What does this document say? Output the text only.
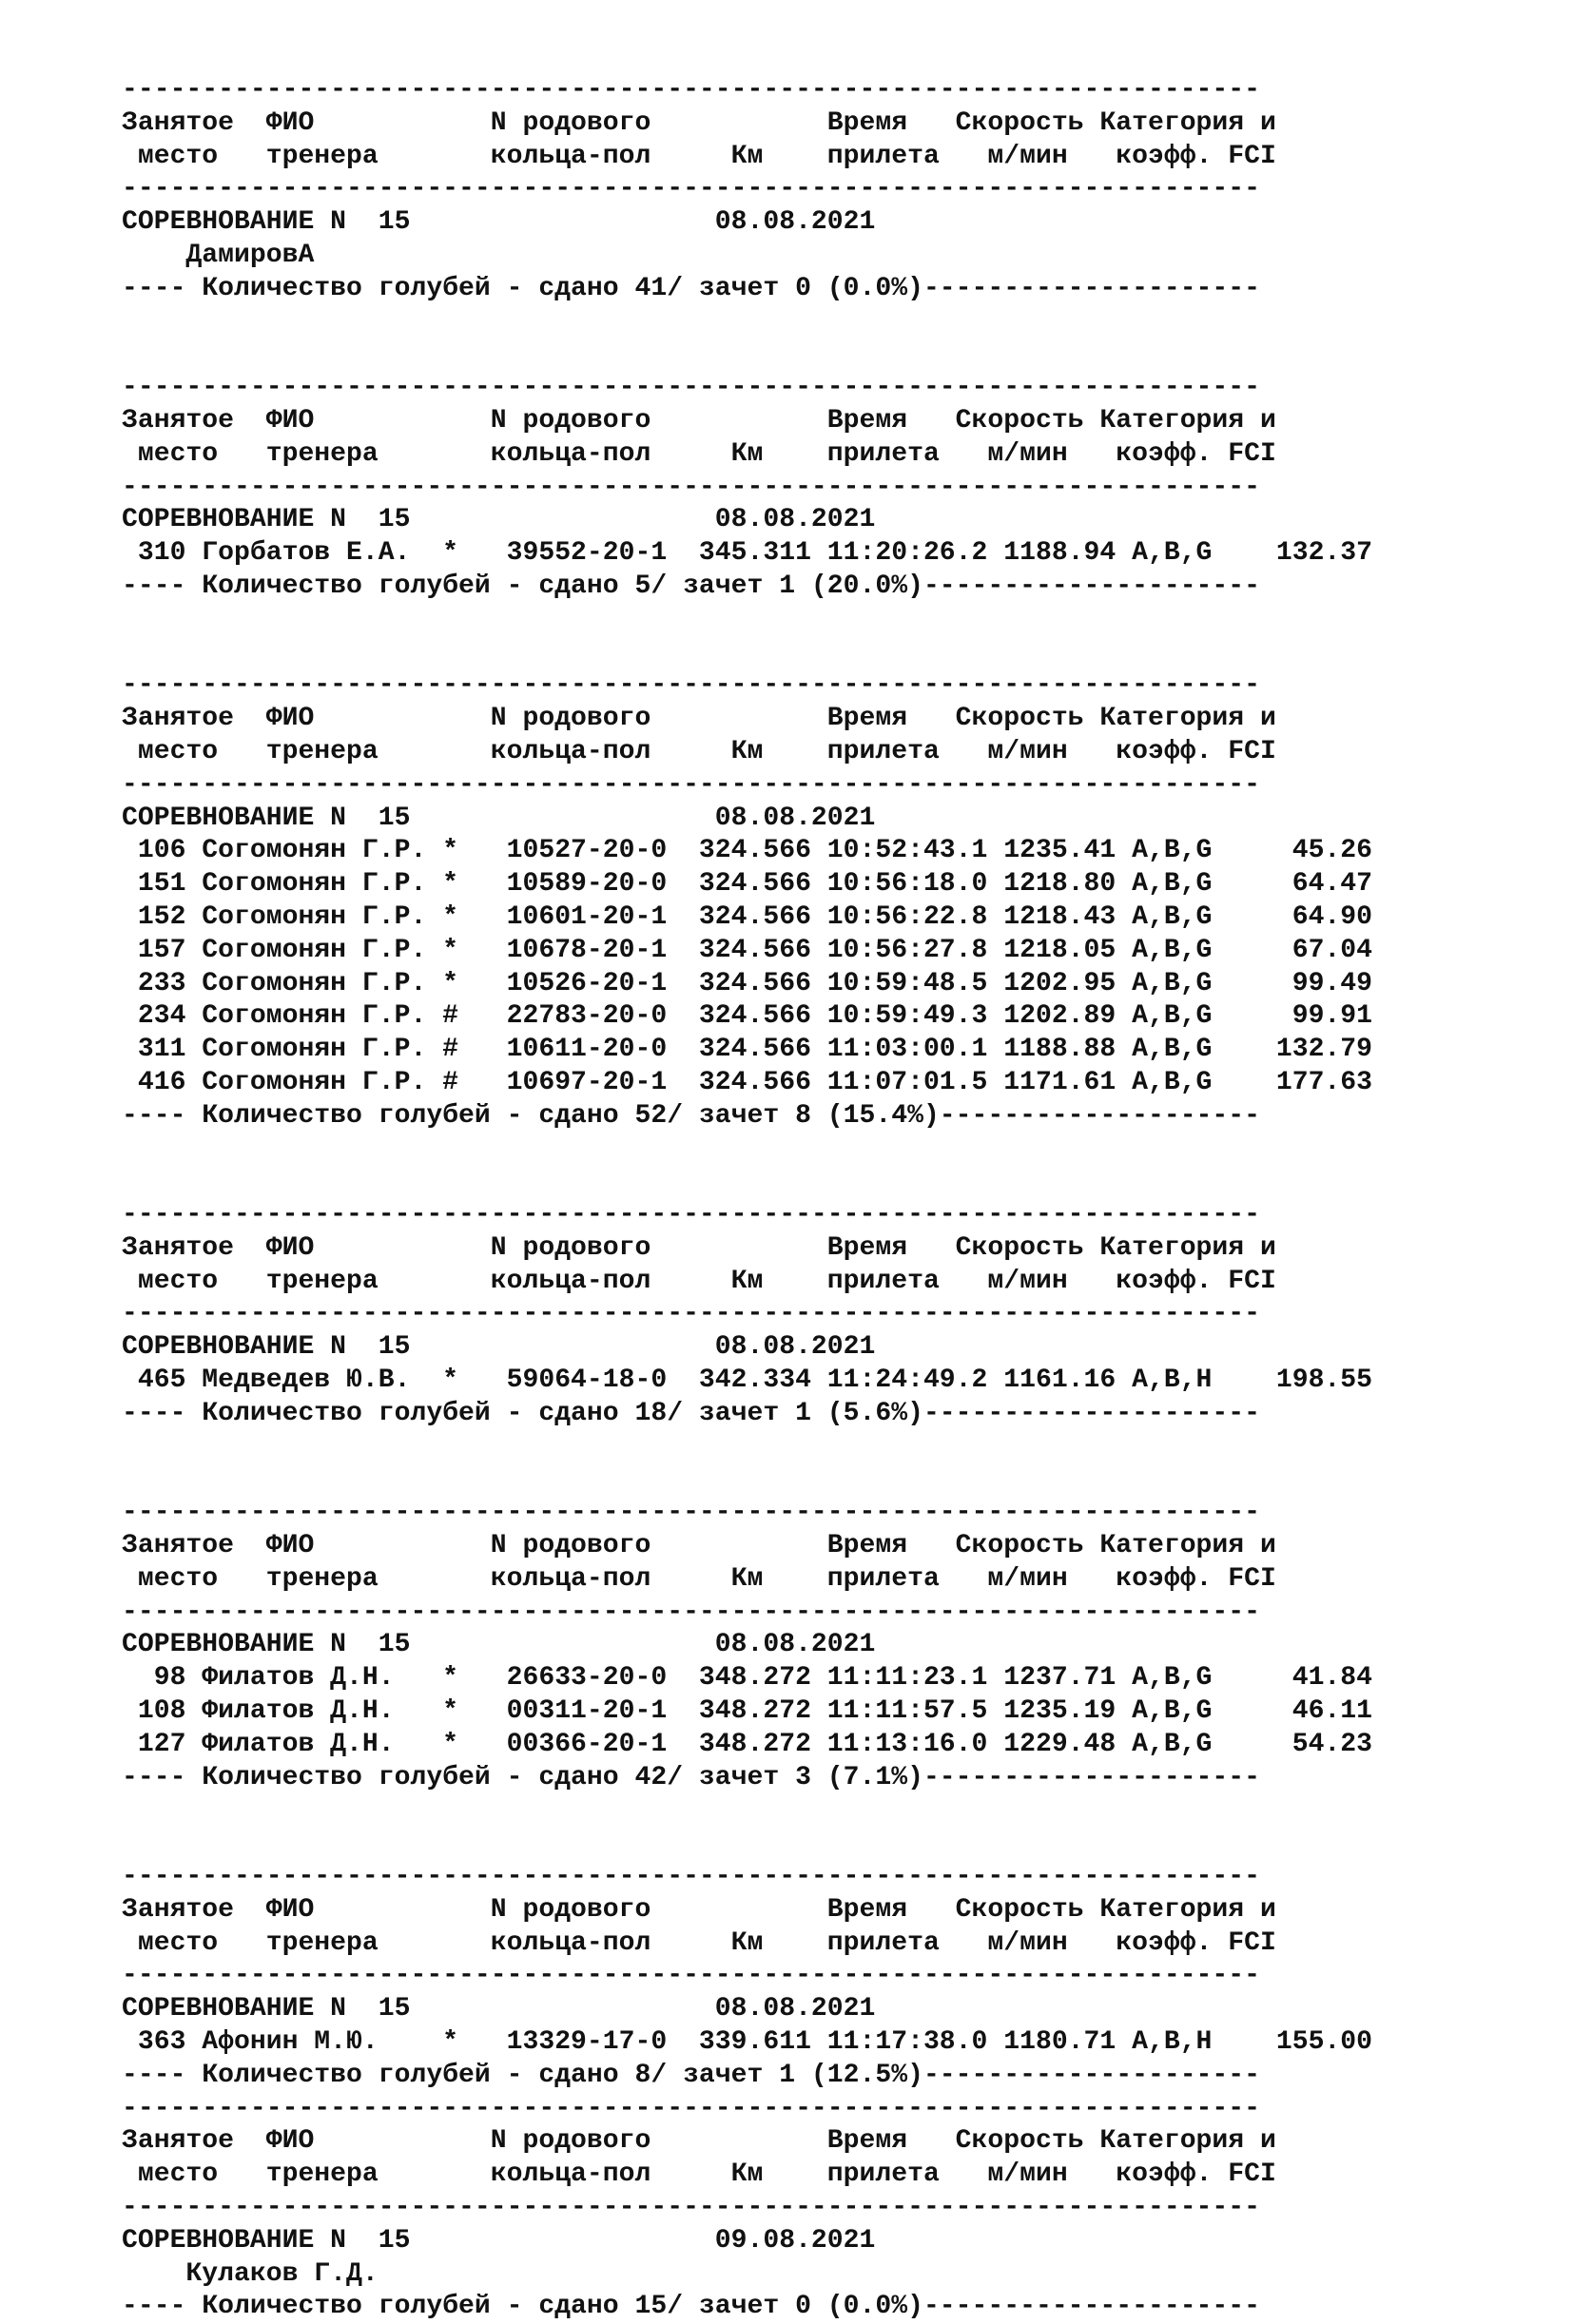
-----------------------------------------------------------------------
Занятое  ФИО           N родового           Время   Скорость Категория и
место   тренера       кольца-пол     Км    прилета   м/мин   коэфф. FCI
-----------------------------------------------------------------------
СОРЕВНОВАНИЕ N  15                   08.08.2021
ДамировА
---- Количество голубей - сдано 41/ зачет 0 (0.0%)---------------------

-----------------------------------------------------------------------
Занятое  ФИО           N родового           Время   Скорость Категория и
место   тренера       кольца-пол     Км    прилета   м/мин   коэфф. FCI
-----------------------------------------------------------------------
СОРЕВНОВАНИЕ N  15                   08.08.2021
310 Горбатов Е.А.  *   39552-20-1  345.311 11:20:26.2 1188.94 A,B,G    132.37
---- Количество голубей - сдано 5/ зачет 1 (20.0%)---------------------

-----------------------------------------------------------------------
Занятое  ФИО           N родового           Время   Скорость Категория и
место   тренера       кольца-пол     Км    прилета   м/мин   коэфф. FCI
-----------------------------------------------------------------------
СОРЕВНОВАНИЕ N  15                   08.08.2021
106 Согомонян Г.Р. *   10527-20-0  324.566 10:52:43.1 1235.41 A,B,G     45.26
151 Согомонян Г.Р. *   10589-20-0  324.566 10:56:18.0 1218.80 A,B,G     64.47
152 Согомонян Г.Р. *   10601-20-1  324.566 10:56:22.8 1218.43 A,B,G     64.90
157 Согомонян Г.Р. *   10678-20-1  324.566 10:56:27.8 1218.05 A,B,G     67.04
233 Согомонян Г.Р. *   10526-20-1  324.566 10:59:48.5 1202.95 A,B,G     99.49
234 Согомонян Г.Р. #   22783-20-0  324.566 10:59:49.3 1202.89 A,B,G     99.91
311 Согомонян Г.Р. #   10611-20-0  324.566 11:03:00.1 1188.88 A,B,G    132.79
416 Согомонян Г.Р. #   10697-20-1  324.566 11:07:01.5 1171.61 A,B,G    177.63
---- Количество голубей - сдано 52/ зачет 8 (15.4%)--------------------

-----------------------------------------------------------------------
Занятое  ФИО           N родового           Время   Скорость Категория и
место   тренера       кольца-пол     Км    прилета   м/мин   коэфф. FCI
-----------------------------------------------------------------------
СОРЕВНОВАНИЕ N  15                   08.08.2021
465 Медведев Ю.В.  *   59064-18-0  342.334 11:24:49.2 1161.16 A,B,H    198.55
---- Количество голубей - сдано 18/ зачет 1 (5.6%)---------------------

-----------------------------------------------------------------------
Занятое  ФИО           N родового           Время   Скорость Категория и
место   тренера       кольца-пол     Км    прилета   м/мин   коэфф. FCI
-----------------------------------------------------------------------
СОРЕВНОВАНИЕ N  15                   08.08.2021
98 Филатов Д.Н.   *   26633-20-0  348.272 11:11:23.1 1237.71 A,B,G     41.84
108 Филатов Д.Н.   *   00311-20-1  348.272 11:11:57.5 1235.19 A,B,G     46.11
127 Филатов Д.Н.   *   00366-20-1  348.272 11:13:16.0 1229.48 A,B,G     54.23
---- Количество голубей - сдано 42/ зачет 3 (7.1%)---------------------

-----------------------------------------------------------------------
Занятое  ФИО           N родового           Время   Скорость Категория и
место   тренера       кольца-пол     Км    прилета   м/мин   коэфф. FCI
-----------------------------------------------------------------------
СОРЕВНОВАНИЕ N  15                   08.08.2021
363 Афонин М.Ю.    *   13329-17-0  339.611 11:17:38.0 1180.71 A,B,H    155.00
---- Количество голубей - сдано 8/ зачет 1 (12.5%)---------------------
-----------------------------------------------------------------------
Занятое  ФИО           N родового           Время   Скорость Категория и
место   тренера       кольца-пол     Км    прилета   м/мин   коэфф. FCI
-----------------------------------------------------------------------
СОРЕВНОВАНИЕ N  15                   09.08.2021
Кулаков Г.Д.
---- Количество голубей - сдано 15/ зачет 0 (0.0%)---------------------
